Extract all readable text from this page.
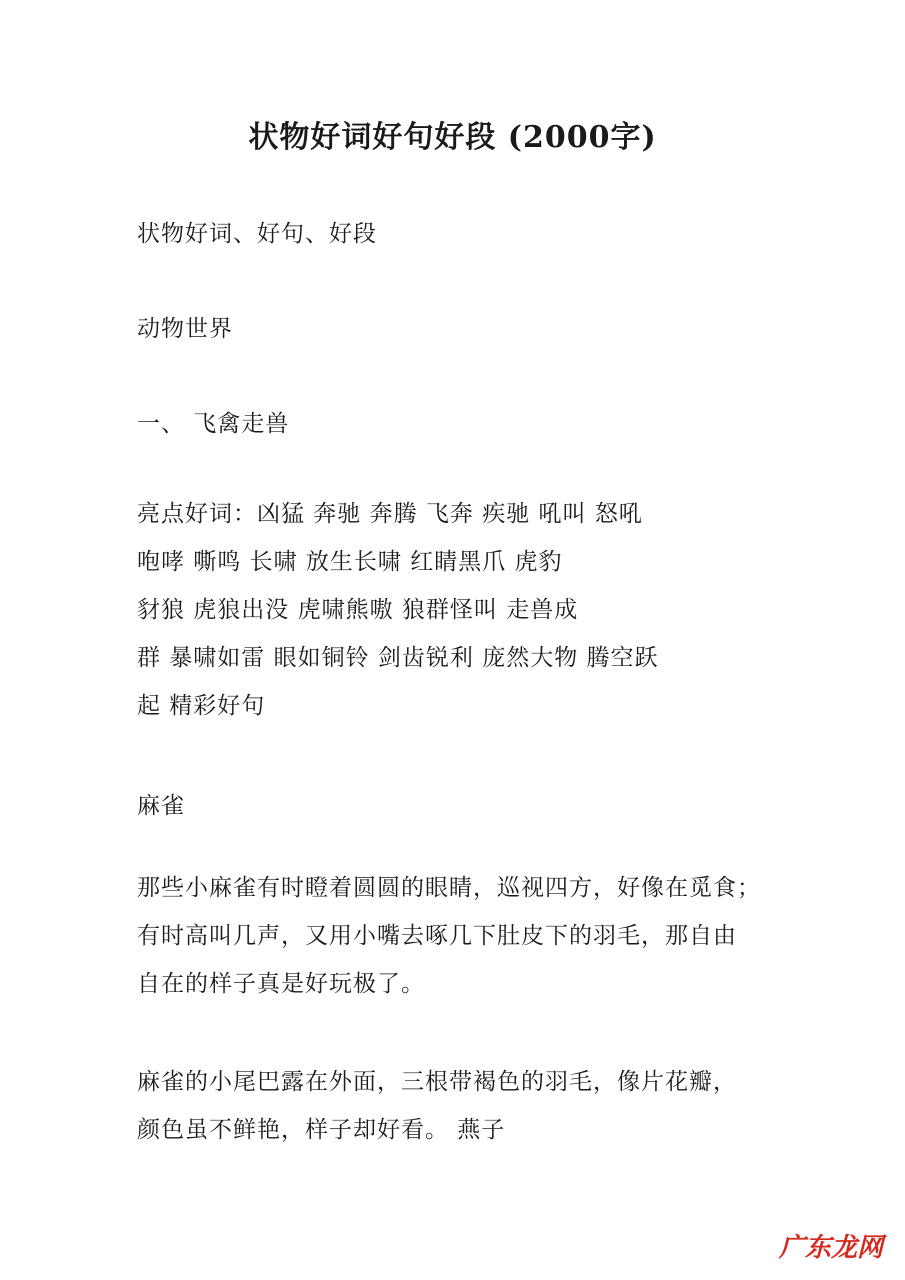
状物好词好句好段 (2000字)
状物好词、好句、好段
动物世界
一、 飞禽走兽
亮点好词：凶猛 奔驰 奔腾 飞奔 疾驰 吼叫 怒吼
咆哮 嘶鸣 长啸 放生长啸 红睛黑爪 虎豹
豺狼 虎狼出没 虎啸熊嗷 狼群怪叫 走兽成
群 暴啸如雷 眼如铜铃 剑齿锐利 庞然大物 腾空跃
起 精彩好句
麻雀
那些小麻雀有时瞪着圆圆的眼睛，巡视四方，好像在觅食；
有时高叫几声，又用小嘴去啄几下肚皮下的羽毛，那自由
自在的样子真是好玩极了。
麻雀的小尾巴露在外面，三根带褐色的羽毛，像片花瓣，
颜色虽不鲜艳，样子却好看。 燕子
广东龙网
